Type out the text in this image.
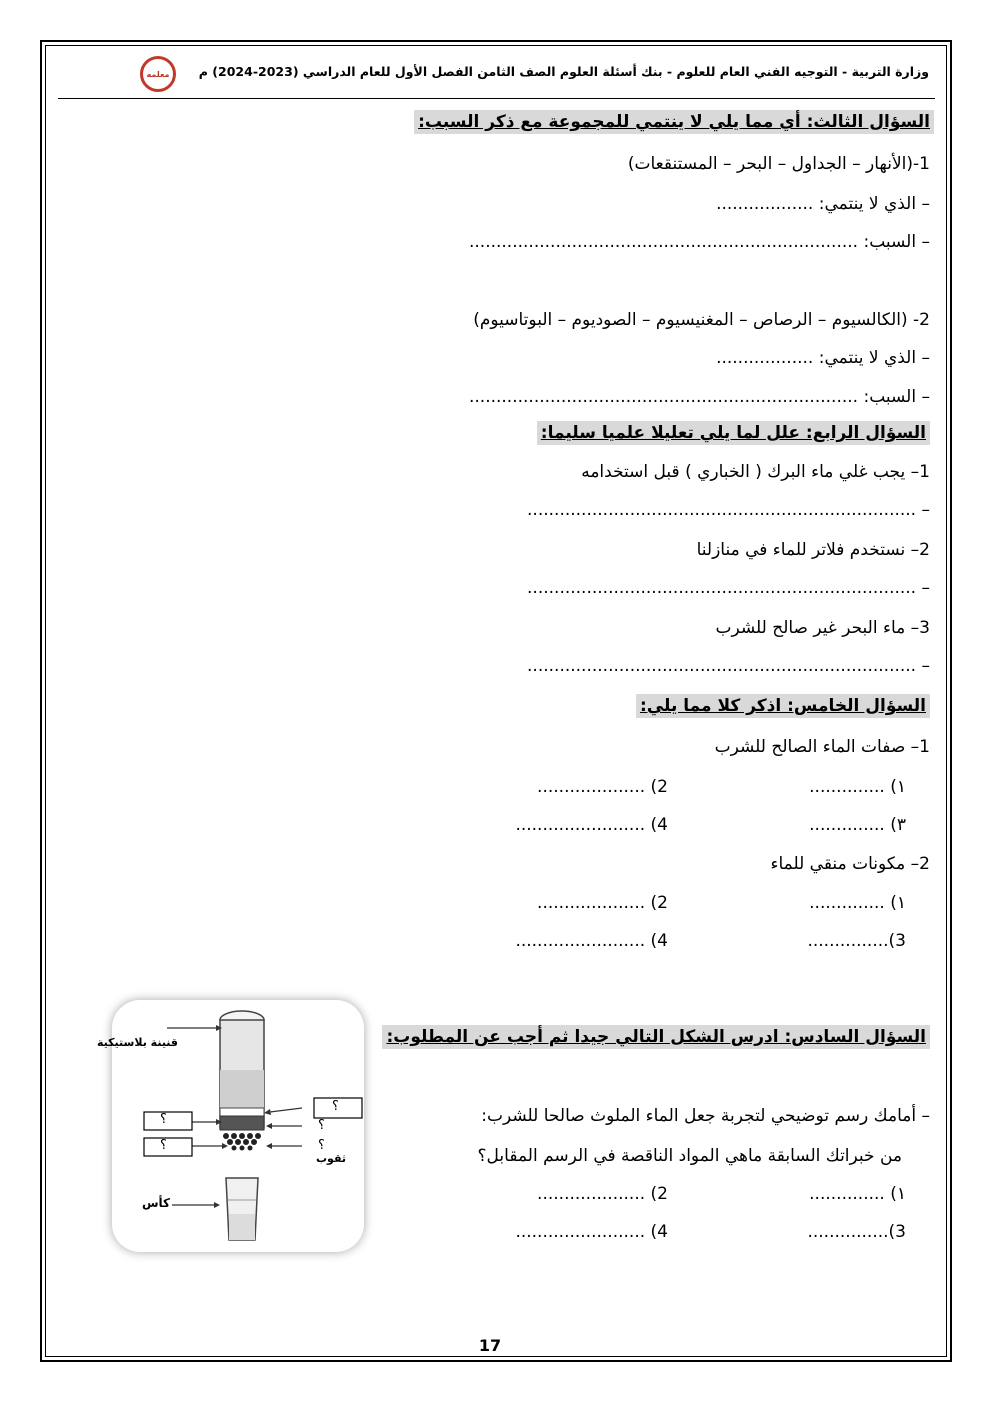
وزارة التربية - التوجيه الفني العام للعلوم - بنك أسئلة العلوم الصف الثامن الفصل الأول للعام الدراسي (2023-2024) م
معلمه
السؤال الثالث: أي مما يلي لا ينتمي للمجموعة مع ذكر السبب:
1-(الأنهار – الجداول – البحر – المستنقعات)
– الذي لا ينتمي: ..................
– السبب: ........................................................................
2- (الكالسيوم – الرصاص – المغنيسيوم – الصوديوم – البوتاسيوم)
– الذي لا ينتمي: ..................
– السبب: ........................................................................
السؤال الرابع: علل لما يلي تعليلا علميا سليما:
1– يجب غلي ماء البرك ( الخباري ) قبل استخدامه
– ........................................................................
2– نستخدم فلاتر للماء في منازلنا
– ........................................................................
3– ماء البحر غير صالح للشرب
– ........................................................................
السؤال الخامس: اذكر كلا مما يلي:
1– صفات الماء الصالح للشرب
١) ..............
2) ....................
٣) ..............
4) ........................
2– مكونات منقي للماء
١) ..............
2) ....................
3)...............
4) ........................
السؤال السادس: ادرس الشكل التالي جيدا ثم أجب عن المطلوب:
– أمامك رسم توضيحي لتجربة جعل الماء الملوث صالحا للشرب:
من خبراتك السابقة ماهي المواد الناقصة في الرسم المقابل؟
١) ..............
2) ....................
3)...............
4) ........................
قنينة بلاستيكية
ثقوب
كأس
؟
؟
؟
؟
؟
17
